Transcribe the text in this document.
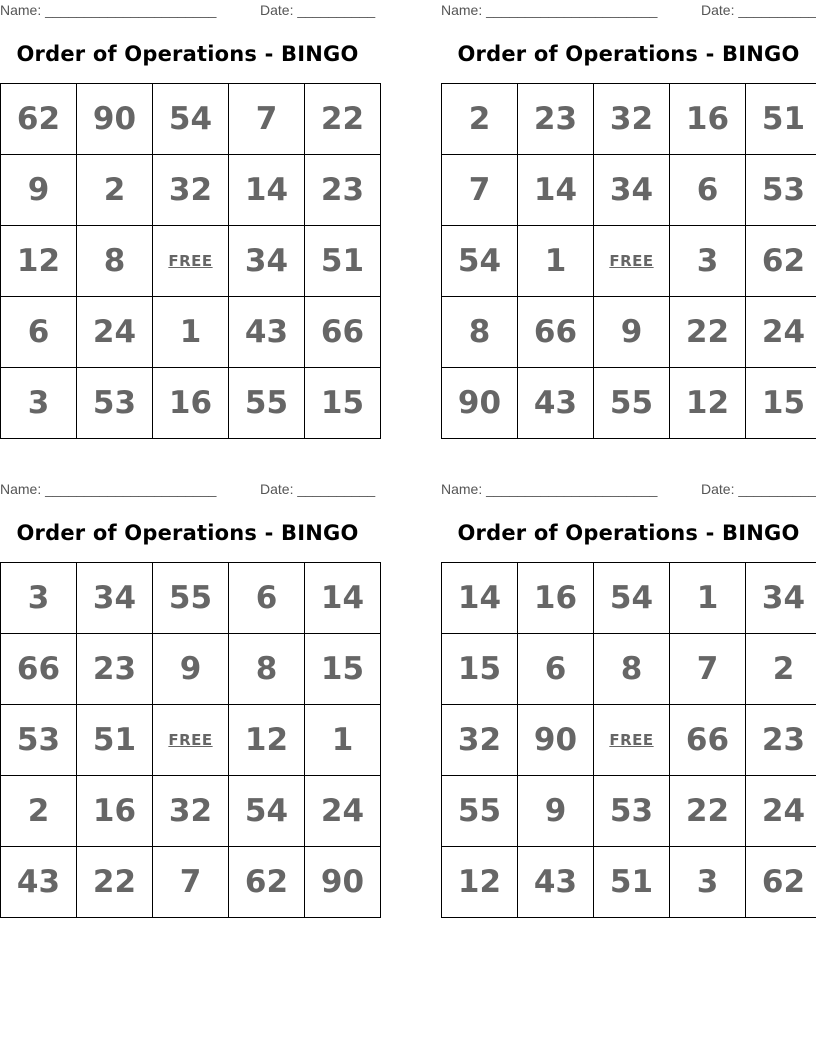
Name: ______________________	Date: __________
Order of Operations - BINGO
62	90	54	7	22
9	2	32	14	23
12	8	FREE	34	51
6	24	1	43	66
3	53	16	55	15
Name: ______________________	Date: __________
Order of Operations - BINGO
2	23	32	16	51
7	14	34	6	53
54	1	FREE	3	62
8	66	9	22	24
90	43	55	12	15
Name: ______________________	Date: __________
Order of Operations - BINGO
3	34	55	6	14
66	23	9	8	15
53	51	FREE	12	1
2	16	32	54	24
43	22	7	62	90
Name: ______________________	Date: __________
Order of Operations - BINGO
14	16	54	1	34
15	6	8	7	2
32	90	FREE	66	23
55	9	53	22	24
12	43	51	3	62
